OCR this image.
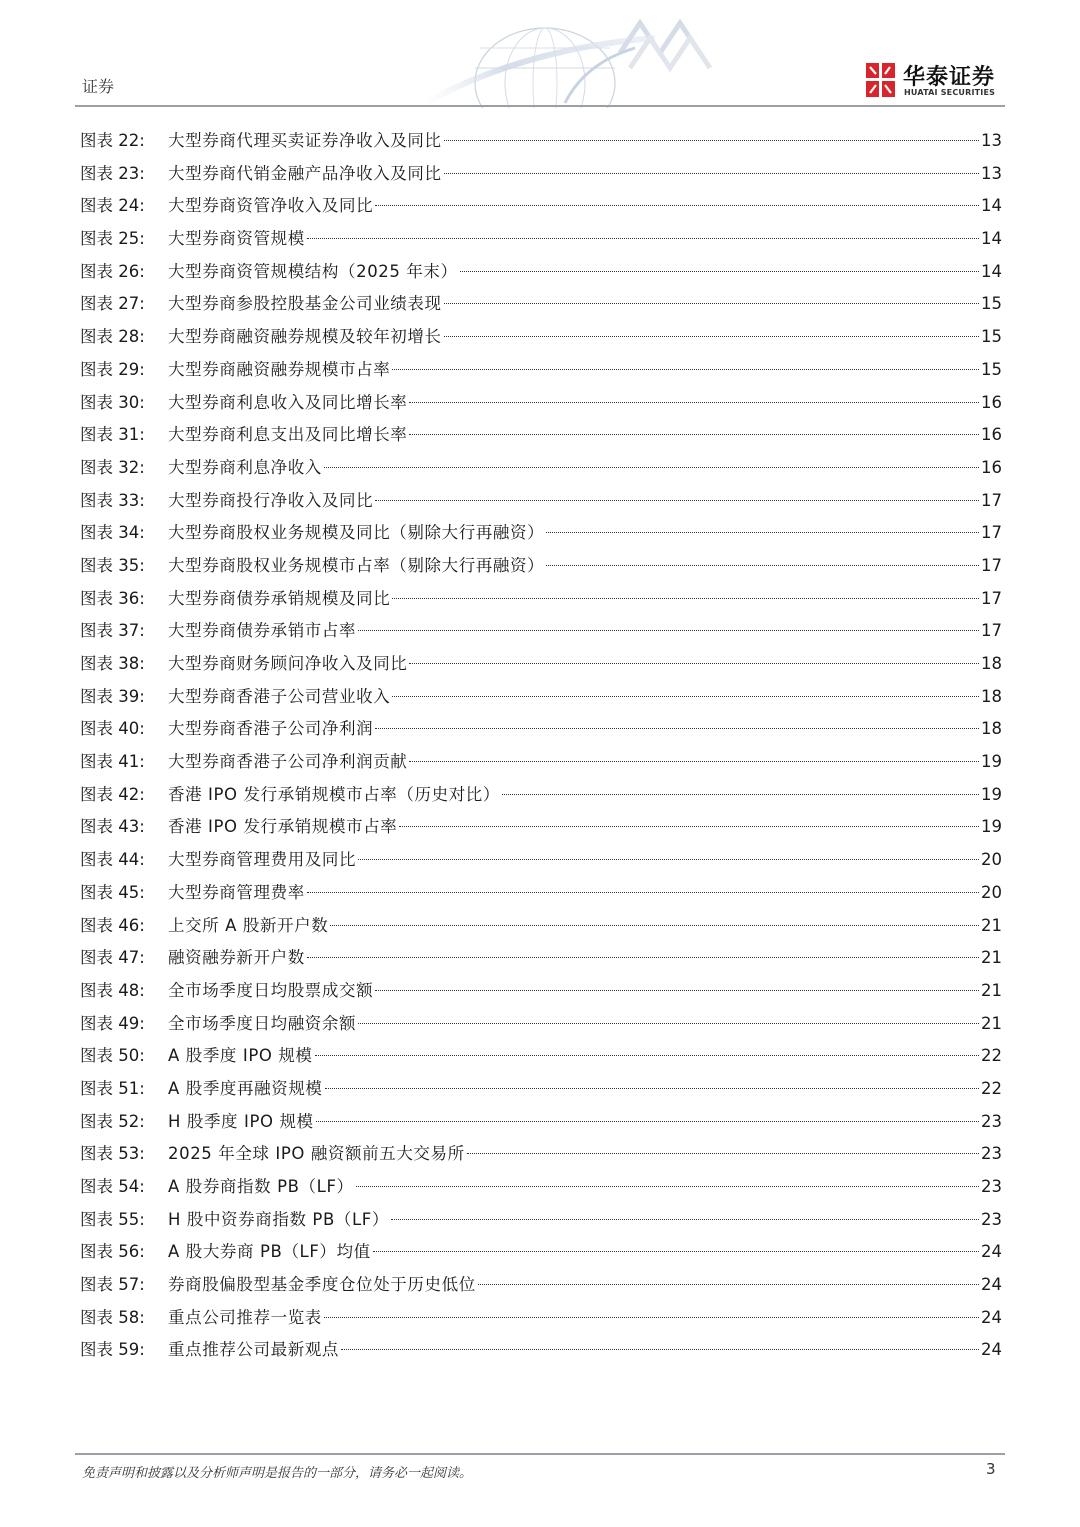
证券	华泰证券
HUATAI SECURITIES
图表 22:	大型券商代理买卖证券净收入及同比	13
图表 23:	大型券商代销金融产品净收入及同比	13
图表 24:	大型券商资管净收入及同比	14
图表 25:	大型券商资管规模	14
图表 26:	大型券商资管规模结构（2025 年末）	14
图表 27:	大型券商参股控股基金公司业绩表现	15
图表 28:	大型券商融资融券规模及较年初增长	15
图表 29:	大型券商融资融券规模市占率	15
图表 30:	大型券商利息收入及同比增长率	16
图表 31:	大型券商利息支出及同比增长率	16
图表 32:	大型券商利息净收入	16
图表 33:	大型券商投行净收入及同比	17
图表 34:	大型券商股权业务规模及同比（剔除大行再融资）	17
图表 35:	大型券商股权业务规模市占率（剔除大行再融资）	17
图表 36:	大型券商债券承销规模及同比	17
图表 37:	大型券商债券承销市占率	17
图表 38:	大型券商财务顾问净收入及同比	18
图表 39:	大型券商香港子公司营业收入	18
图表 40:	大型券商香港子公司净利润	18
图表 41:	大型券商香港子公司净利润贡献	19
图表 42:	香港 IPO 发行承销规模市占率（历史对比）	19
图表 43:	香港 IPO 发行承销规模市占率	19
图表 44:	大型券商管理费用及同比	20
图表 45:	大型券商管理费率	20
图表 46:	上交所 A 股新开户数	21
图表 47:	融资融券新开户数	21
图表 48:	全市场季度日均股票成交额	21
图表 49:	全市场季度日均融资余额	21
图表 50:	A 股季度 IPO 规模	22
图表 51:	A 股季度再融资规模	22
图表 52:	H 股季度 IPO 规模	23
图表 53:	2025 年全球 IPO 融资额前五大交易所	23
图表 54:	A 股券商指数 PB（LF）	23
图表 55:	H 股中资券商指数 PB（LF）	23
图表 56:	A 股大券商 PB（LF）均值	24
图表 57:	券商股偏股型基金季度仓位处于历史低位	24
图表 58:	重点公司推荐一览表	24
图表 59:	重点推荐公司最新观点	24
免责声明和披露以及分析师声明是报告的一部分，请务必一起阅读。	3
